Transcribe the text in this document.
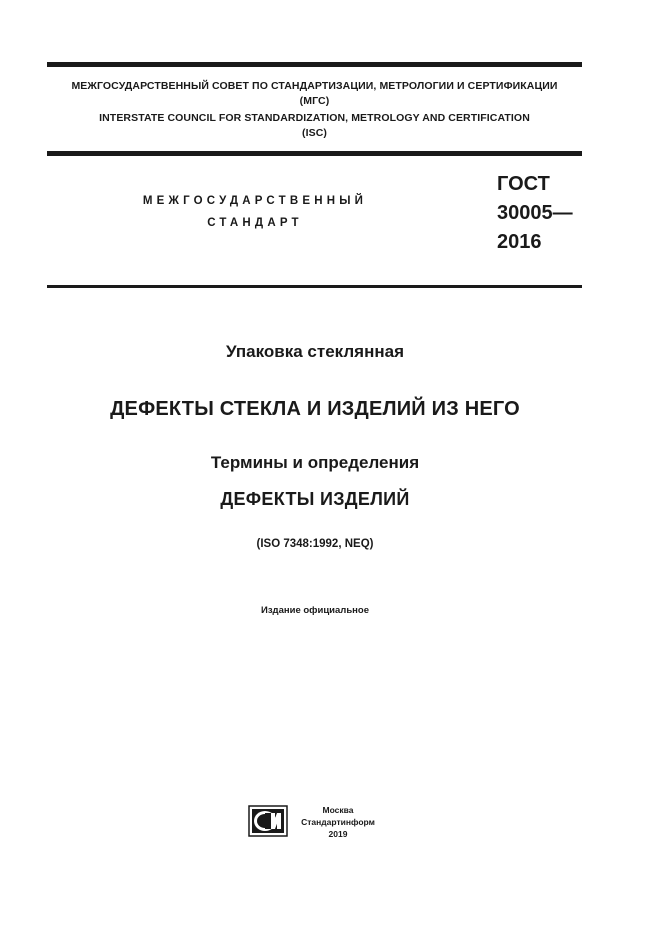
МЕЖГОСУДАРСТВЕННЫЙ СОВЕТ ПО СТАНДАРТИЗАЦИИ, МЕТРОЛОГИИ И СЕРТИФИКАЦИИ
(МГС)
INTERSTATE COUNCIL FOR STANDARDIZATION, METROLOGY AND CERTIFICATION
(ISC)
МЕЖГОСУДАРСТВЕННЫЙ
СТАНДАРТ
ГОСТ
30005—
2016
Упаковка стеклянная
ДЕФЕКТЫ СТЕКЛА И ИЗДЕЛИЙ ИЗ НЕГО
Термины и определения
ДЕФЕКТЫ ИЗДЕЛИЙ
(ISO 7348:1992, NEQ)
Издание официальное
Москва
Стандартинформ
2019
